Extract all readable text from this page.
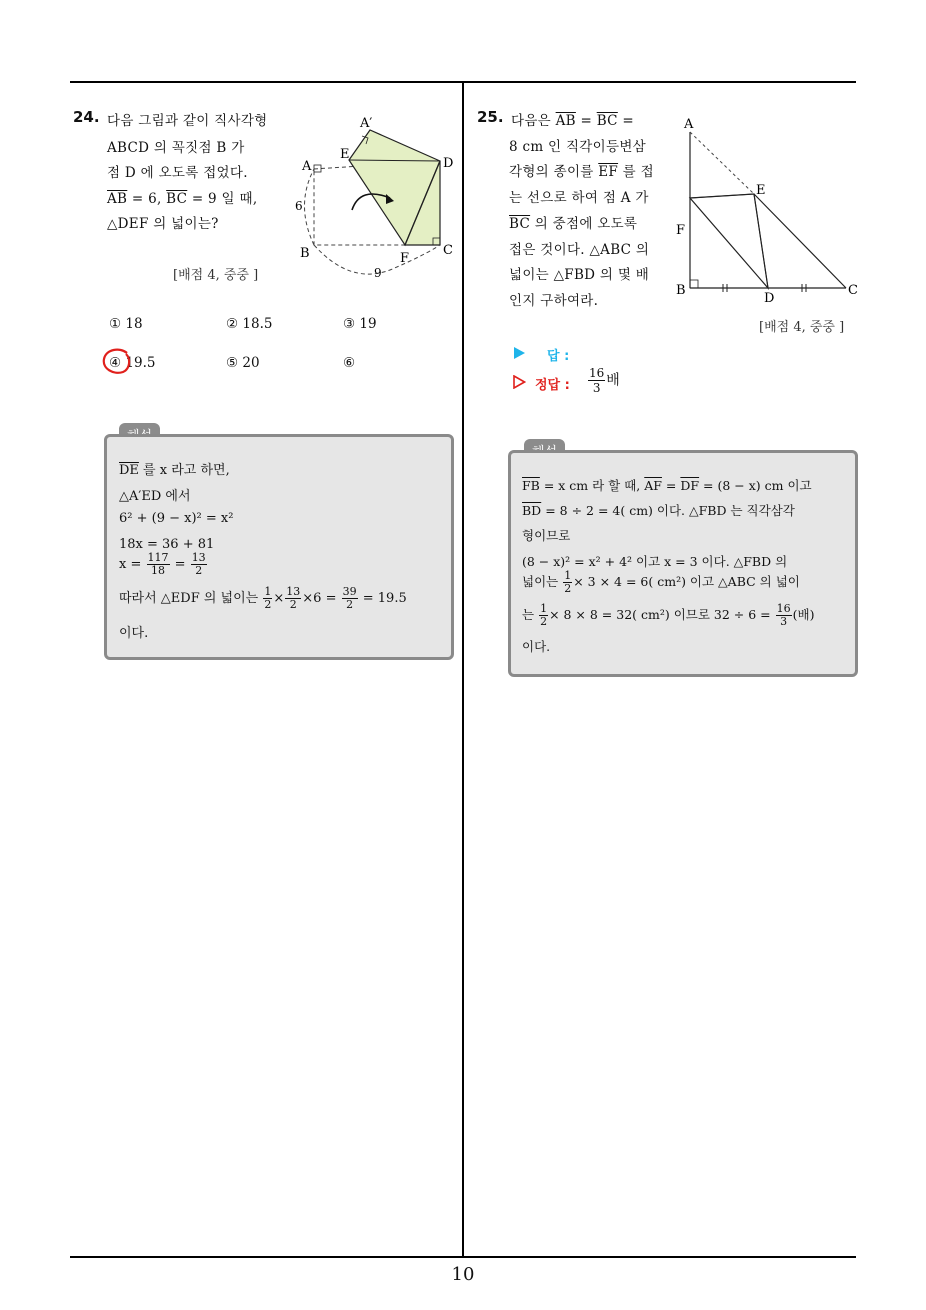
24. 다음 그림과 같이 직사각형
ABCD 의 꼭짓점 B 가
점 D 에 오도록 접었다.
$\overline{AB} = 6$, $\overline{BC} = 9$ 일 때,
△DEF 의 넓이는?
[배점 4, 중중 ]
A′
A
E
D
B	F
C
6
9
① 18	② 18.5	③ 19
④ 19.5	⑤ 20	⑥
$\overline{DE}$ 를 x 라고 하면,
△A′ED 에서
6² + (9 − x)² = x²
18x = 36 + 81
$x = \frac{117}{18} = \frac{13}{2}$
따라서 △EDF 의 넓이는 $\frac{1}{2} \times \frac{13}{2} \times 6 = \frac{39}{2} = 19.5$
이다.
25. 다음은 $\overline{AB} = \overline{BC}$ =
8 cm 인 직각이등변삼
각형의 종이를 $\overline{EF}$ 를 접
는 선으로 하여 점 A 가
$\overline{BC}$ 의 중점에 오도록
접은 것이다. △ABC 의
넓이는 △FBD 의 몇 배
인지 구하여라.
[배점 4, 중중 ]
A
E
F
B
D
C
답 :
정답 : $\frac{16}{3}$ 배
$\overline{FB} = x$ cm 라 할 때, $\overline{AF} = \overline{DF} = (8 - x)$ cm 이고
$\overline{BD} = 8 \div 2 = 4$( cm) 이다. △FBD 는 직각삼각
형이므로
(8 − x)² = x² + 4² 이고 x = 3 이다. △FBD 의
넓이는 $\frac{1}{2} \times 3 \times 4 = 6$( cm²) 이고 △ABC 의 넓이
는 $\frac{1}{2} \times 8 \times 8 = 32$( cm²) 이므로 $32 \div 6 = \frac{16}{3}$ (배)
이다.
10
